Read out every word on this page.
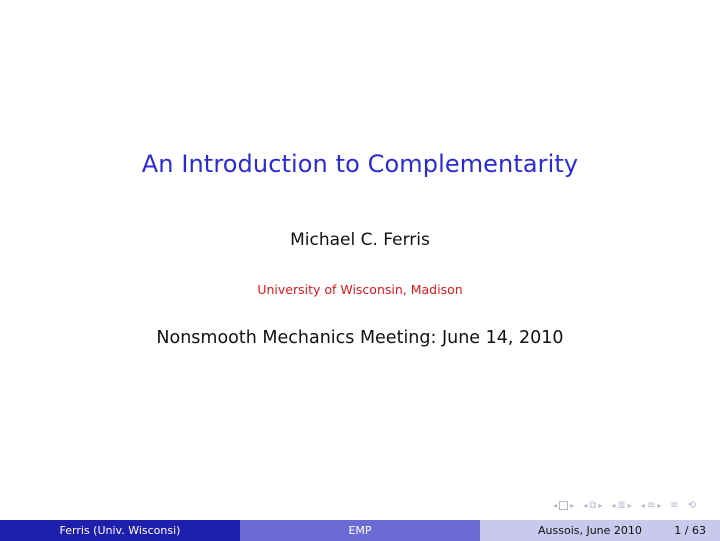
An Introduction to Complementarity
Michael C. Ferris
University of Wisconsin, Madison
Nonsmooth Mechanics Meeting: June 14, 2010
◂ ▸ ◂ ⧉ ▸ ◂ ≣ ▸ ◂ ≡ ▸ ≡ ⟲
Ferris (Univ. Wisconsi)	EMP	Aussois, June 2010	1 / 63
